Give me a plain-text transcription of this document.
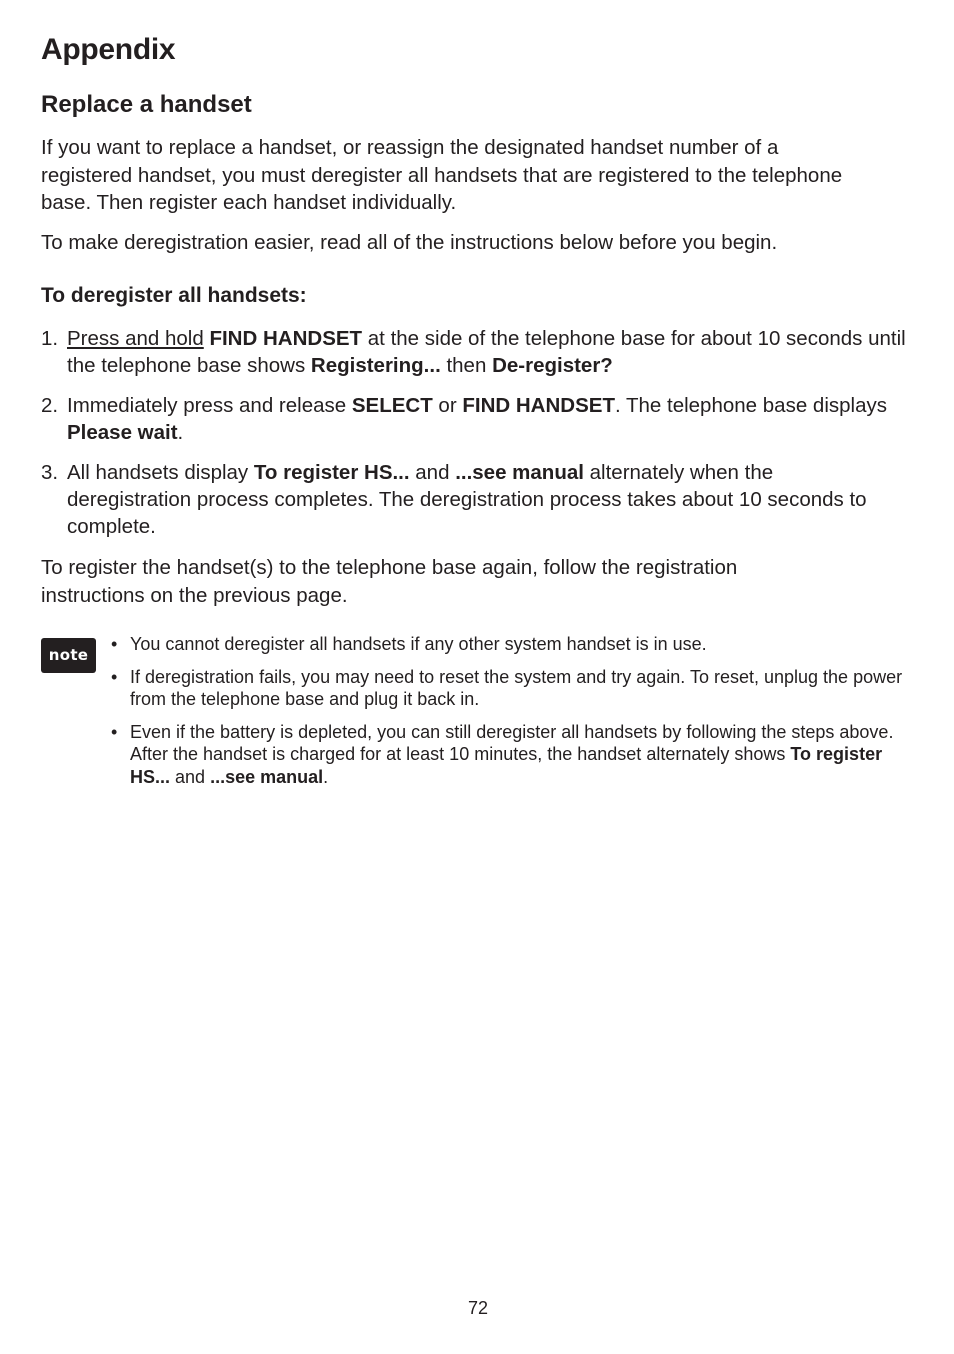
Appendix
Replace a handset

If you want to replace a handset, or reassign the designated handset number of a registered handset, you must deregister all handsets that are registered to the telephone base. Then register each handset individually.

To make deregistration easier, read all of the instructions below before you begin.

To deregister all handsets:
1. Press and hold FIND HANDSET at the side of the telephone base for about 10 seconds until the telephone base shows Registering... then De-register?
2. Immediately press and release SELECT or FIND HANDSET. The telephone base displays Please wait.
3. All handsets display To register HS... and ...see manual alternately when the deregistration process completes. The deregistration process takes about 10 seconds to complete.

To register the handset(s) to the telephone base again, follow the registration instructions on the previous page.

note
• You cannot deregister all handsets if any other system handset is in use.
• If deregistration fails, you may need to reset the system and try again. To reset, unplug the power from the telephone base and plug it back in.
• Even if the battery is depleted, you can still deregister all handsets by following the steps above. After the handset is charged for at least 10 minutes, the handset alternately shows To register HS... and ...see manual.
72
